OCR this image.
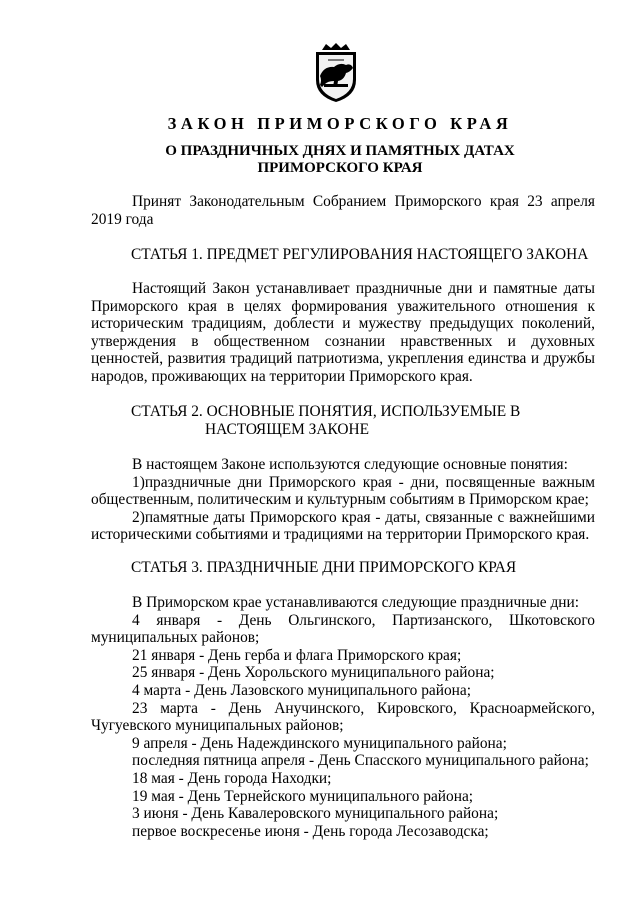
ЗАКОН ПРИМОРСКОГО КРАЯ
О ПРАЗДНИЧНЫХ ДНЯХ И ПАМЯТНЫХ ДАТАХ
ПРИМОРСКОГО КРАЯ
Принят Законодательным Собранием Приморского края 23 апреля
2019 года
СТАТЬЯ 1. ПРЕДМЕТ РЕГУЛИРОВАНИЯ НАСТОЯЩЕГО ЗАКОНА
Настоящий Закон устанавливает праздничные дни и памятные даты Приморского края в целях формирования уважительного отношения к историческим традициям, доблести и мужеству предыдущих поколений, утверждения в общественном сознании нравственных и духовных ценностей, развития традиций патриотизма, укрепления единства и дружбы народов, проживающих на территории Приморского края.
СТАТЬЯ 2. ОСНОВНЫЕ ПОНЯТИЯ, ИСПОЛЬЗУЕМЫЕ В
НАСТОЯЩЕМ ЗАКОНЕ
В настоящем Законе используются следующие основные понятия:
1)праздничные дни Приморского края - дни, посвященные важным общественным, политическим и культурным событиям в Приморском крае;
2)памятные даты Приморского края - даты, связанные с важнейшими историческими событиями и традициями на территории Приморского края.
СТАТЬЯ 3. ПРАЗДНИЧНЫЕ ДНИ ПРИМОРСКОГО КРАЯ
В Приморском крае устанавливаются следующие праздничные дни:
4 января - День Ольгинского, Партизанского, Шкотовского
муниципальных районов;
21 января - День герба и флага Приморского края;
25 января - День Хорольского муниципального района;
4 марта - День Лазовского муниципального района;
23 марта - День Анучинского, Кировского, Красноармейского,
Чугуевского муниципальных районов;
9 апреля - День Надеждинского муниципального района;
последняя пятница апреля - День Спасского муниципального района;
18 мая - День города Находки;
19 мая - День Тернейского муниципального района;
3 июня - День Кавалеровского муниципального района;
первое воскресенье июня - День города Лесозаводска;
